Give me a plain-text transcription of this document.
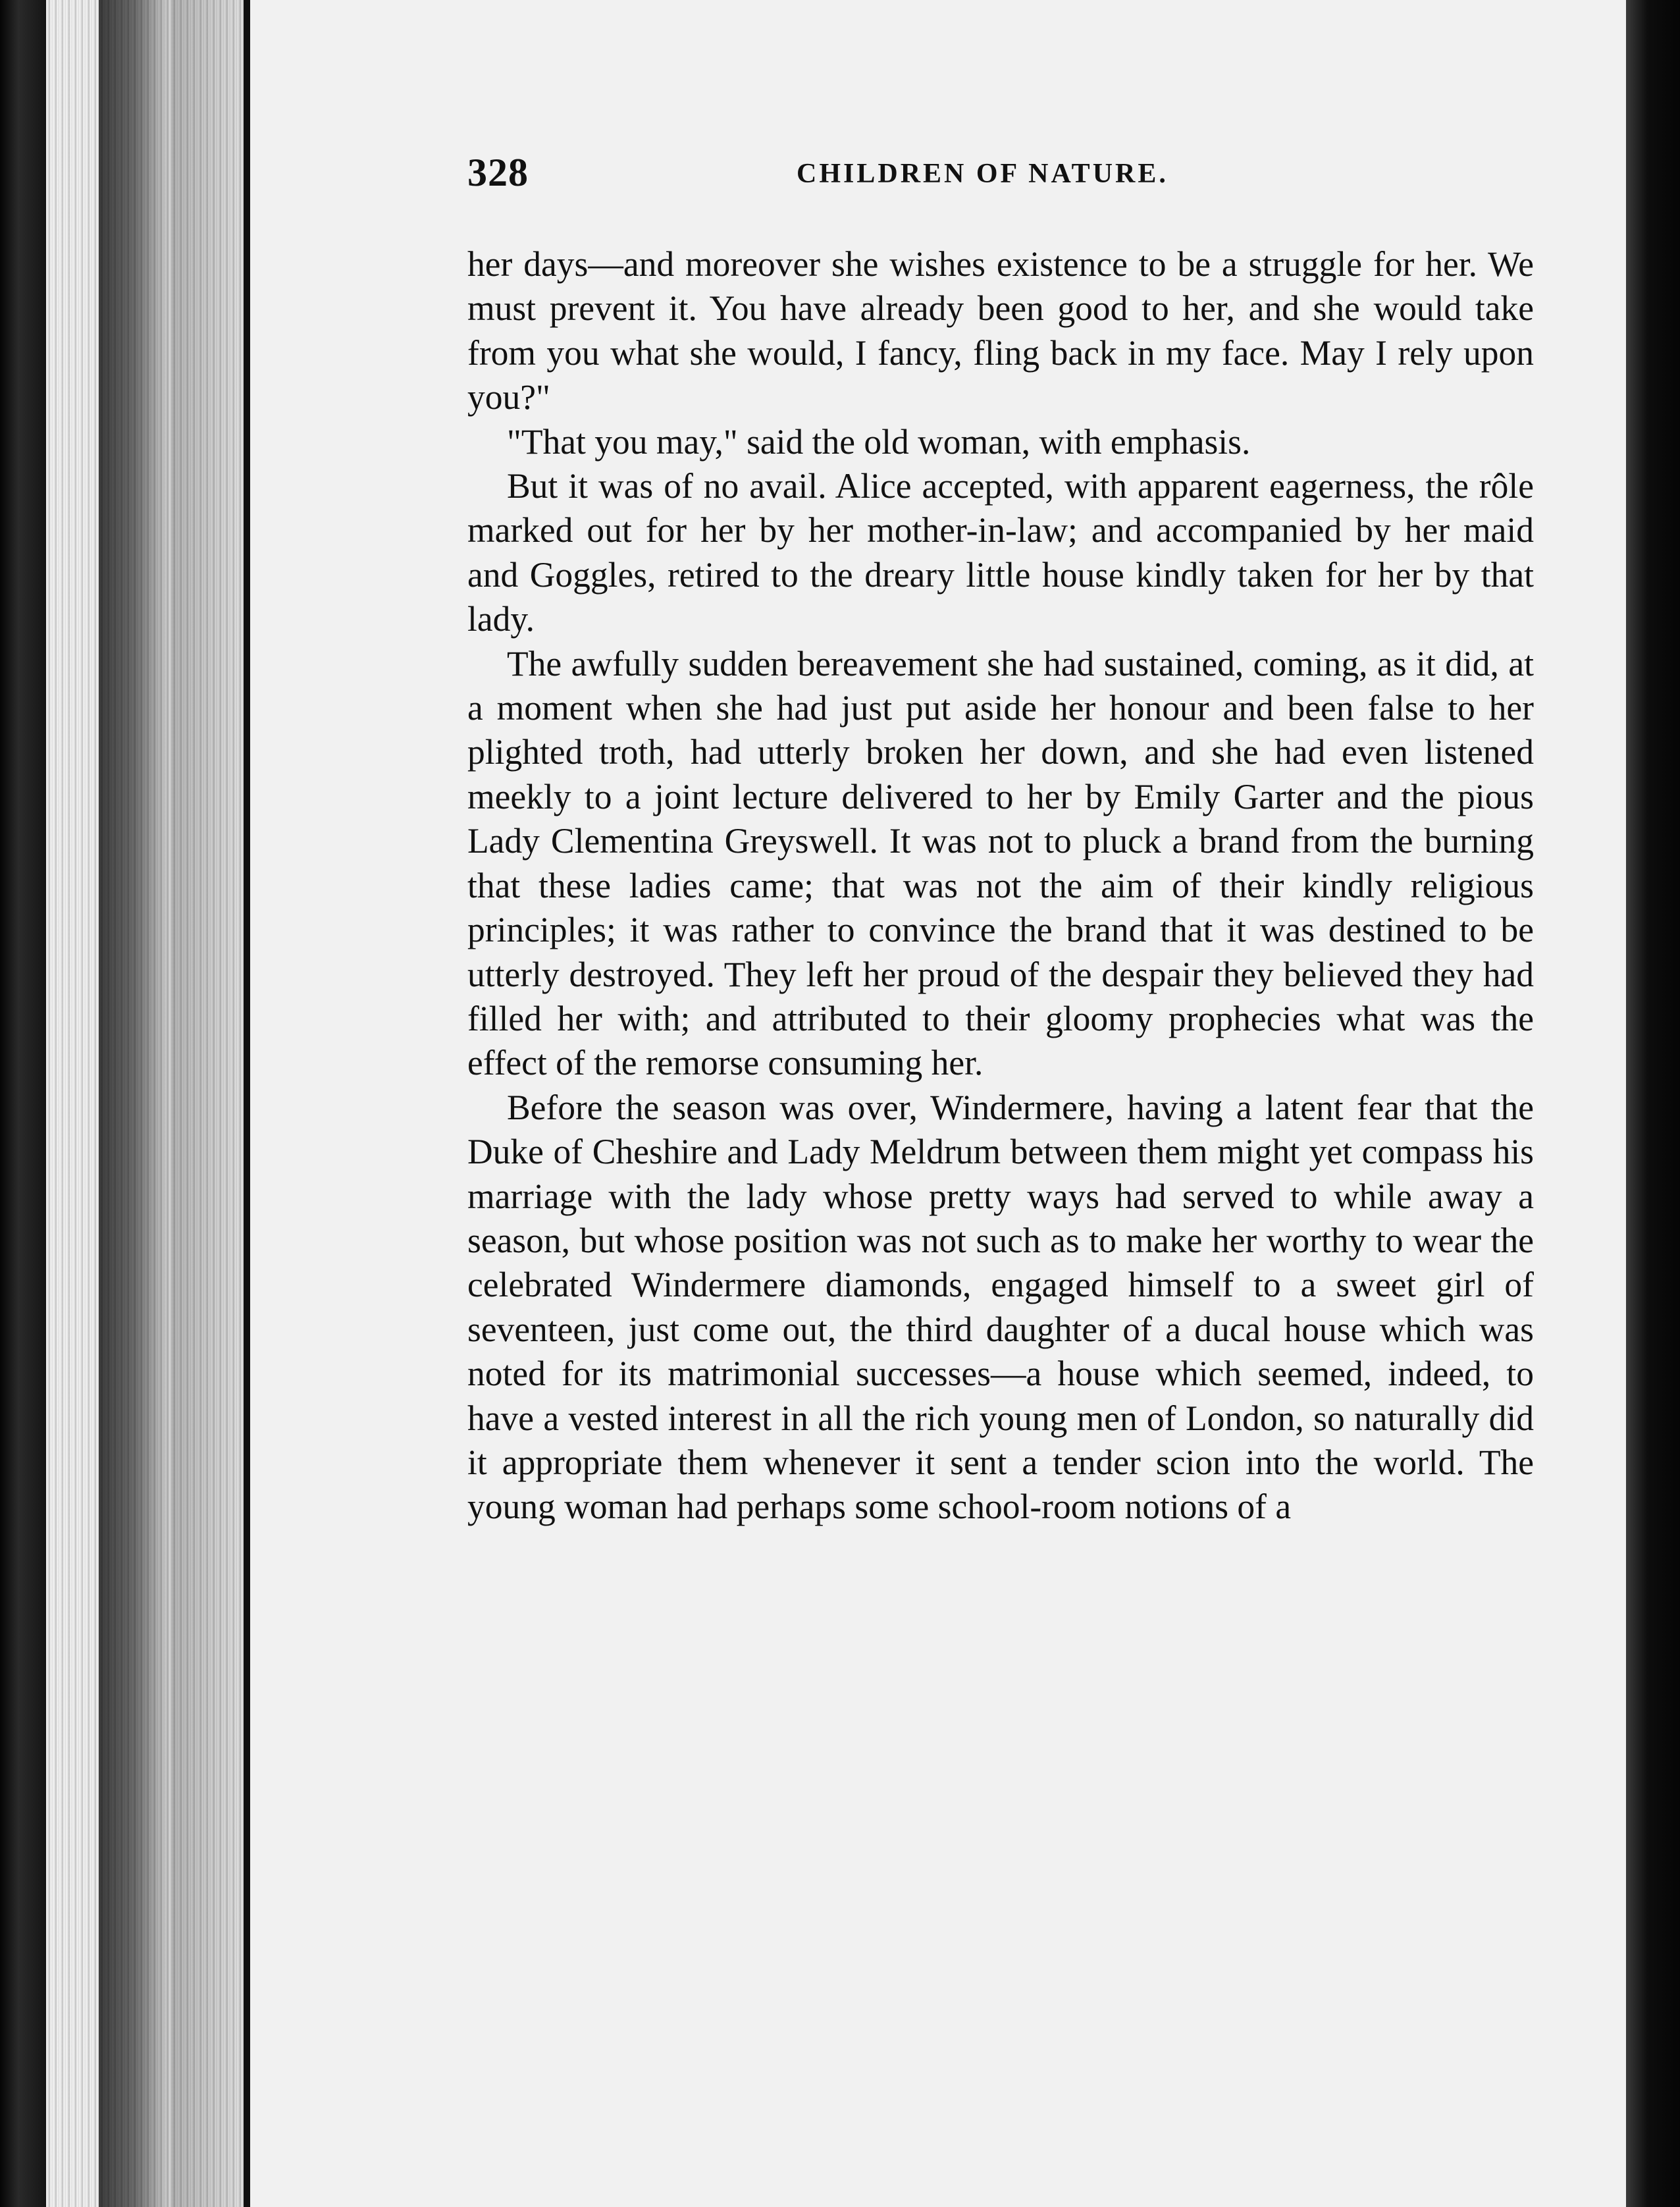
328	CHILDREN OF NATURE.

her days—and moreover she wishes existence to be a struggle for her. We must prevent it. You have already been good to her, and she would take from you what she would, I fancy, fling back in my face. May I rely upon you?"

"That you may," said the old woman, with emphasis.

But it was of no avail. Alice accepted, with apparent eagerness, the rôle marked out for her by her mother-in-law; and accompanied by her maid and Goggles, retired to the dreary little house kindly taken for her by that lady.

The awfully sudden bereavement she had sustained, coming, as it did, at a moment when she had just put aside her honour and been false to her plighted troth, had utterly broken her down, and she had even listened meekly to a joint lecture delivered to her by Emily Garter and the pious Lady Clementina Greyswell. It was not to pluck a brand from the burning that these ladies came; that was not the aim of their kindly religious principles; it was rather to convince the brand that it was destined to be utterly destroyed. They left her proud of the despair they believed they had filled her with; and attributed to their gloomy prophecies what was the effect of the remorse consuming her.

Before the season was over, Windermere, having a latent fear that the Duke of Cheshire and Lady Meldrum between them might yet compass his marriage with the lady whose pretty ways had served to while away a season, but whose position was not such as to make her worthy to wear the celebrated Windermere diamonds, engaged himself to a sweet girl of seventeen, just come out, the third daughter of a ducal house which was noted for its matrimonial successes—a house which seemed, indeed, to have a vested interest in all the rich young men of London, so naturally did it appropriate them whenever it sent a tender scion into the world. The young woman had perhaps some school-room notions of a
